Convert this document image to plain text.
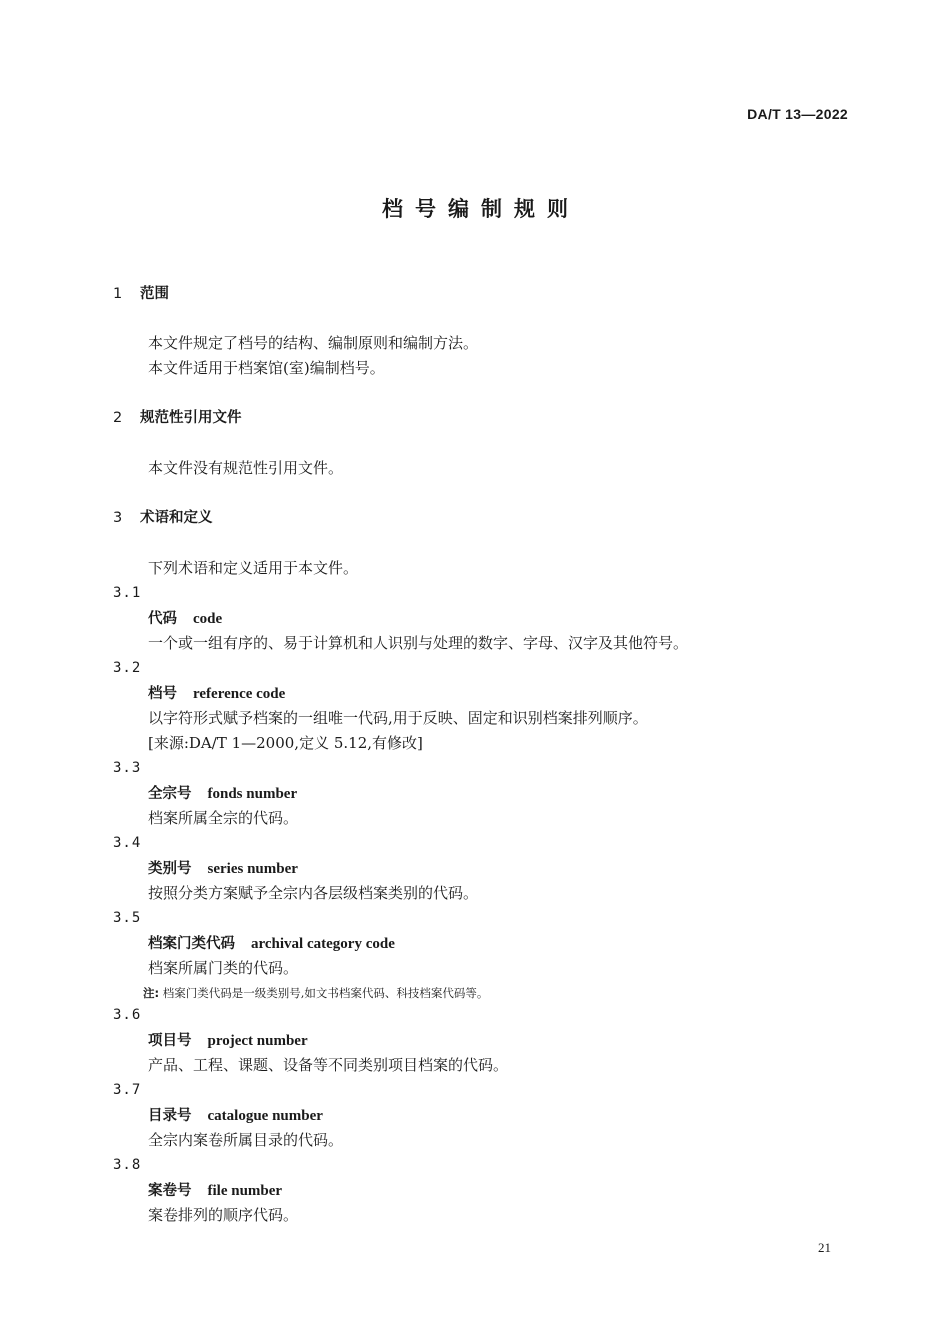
DA/T 13—2022
档号编制规则
1 范围
本文件规定了档号的结构、编制原则和编制方法。
本文件适用于档案馆(室)编制档号。
2 规范性引用文件
本文件没有规范性引用文件。
3 术语和定义
下列术语和定义适用于本文件。
3.1
代码 code
一个或一组有序的、易于计算机和人识别与处理的数字、字母、汉字及其他符号。
3.2
档号 reference code
以字符形式赋予档案的一组唯一代码,用于反映、固定和识别档案排列顺序。
[来源:DA/T 1—2000,定义 5.12,有修改]
3.3
全宗号 fonds number
档案所属全宗的代码。
3.4
类别号 series number
按照分类方案赋予全宗内各层级档案类别的代码。
3.5
档案门类代码 archival category code
档案所属门类的代码。
注: 档案门类代码是一级类别号,如文书档案代码、科技档案代码等。
3.6
项目号 project number
产品、工程、课题、设备等不同类别项目档案的代码。
3.7
目录号 catalogue number
全宗内案卷所属目录的代码。
3.8
案卷号 file number
案卷排列的顺序代码。
21
